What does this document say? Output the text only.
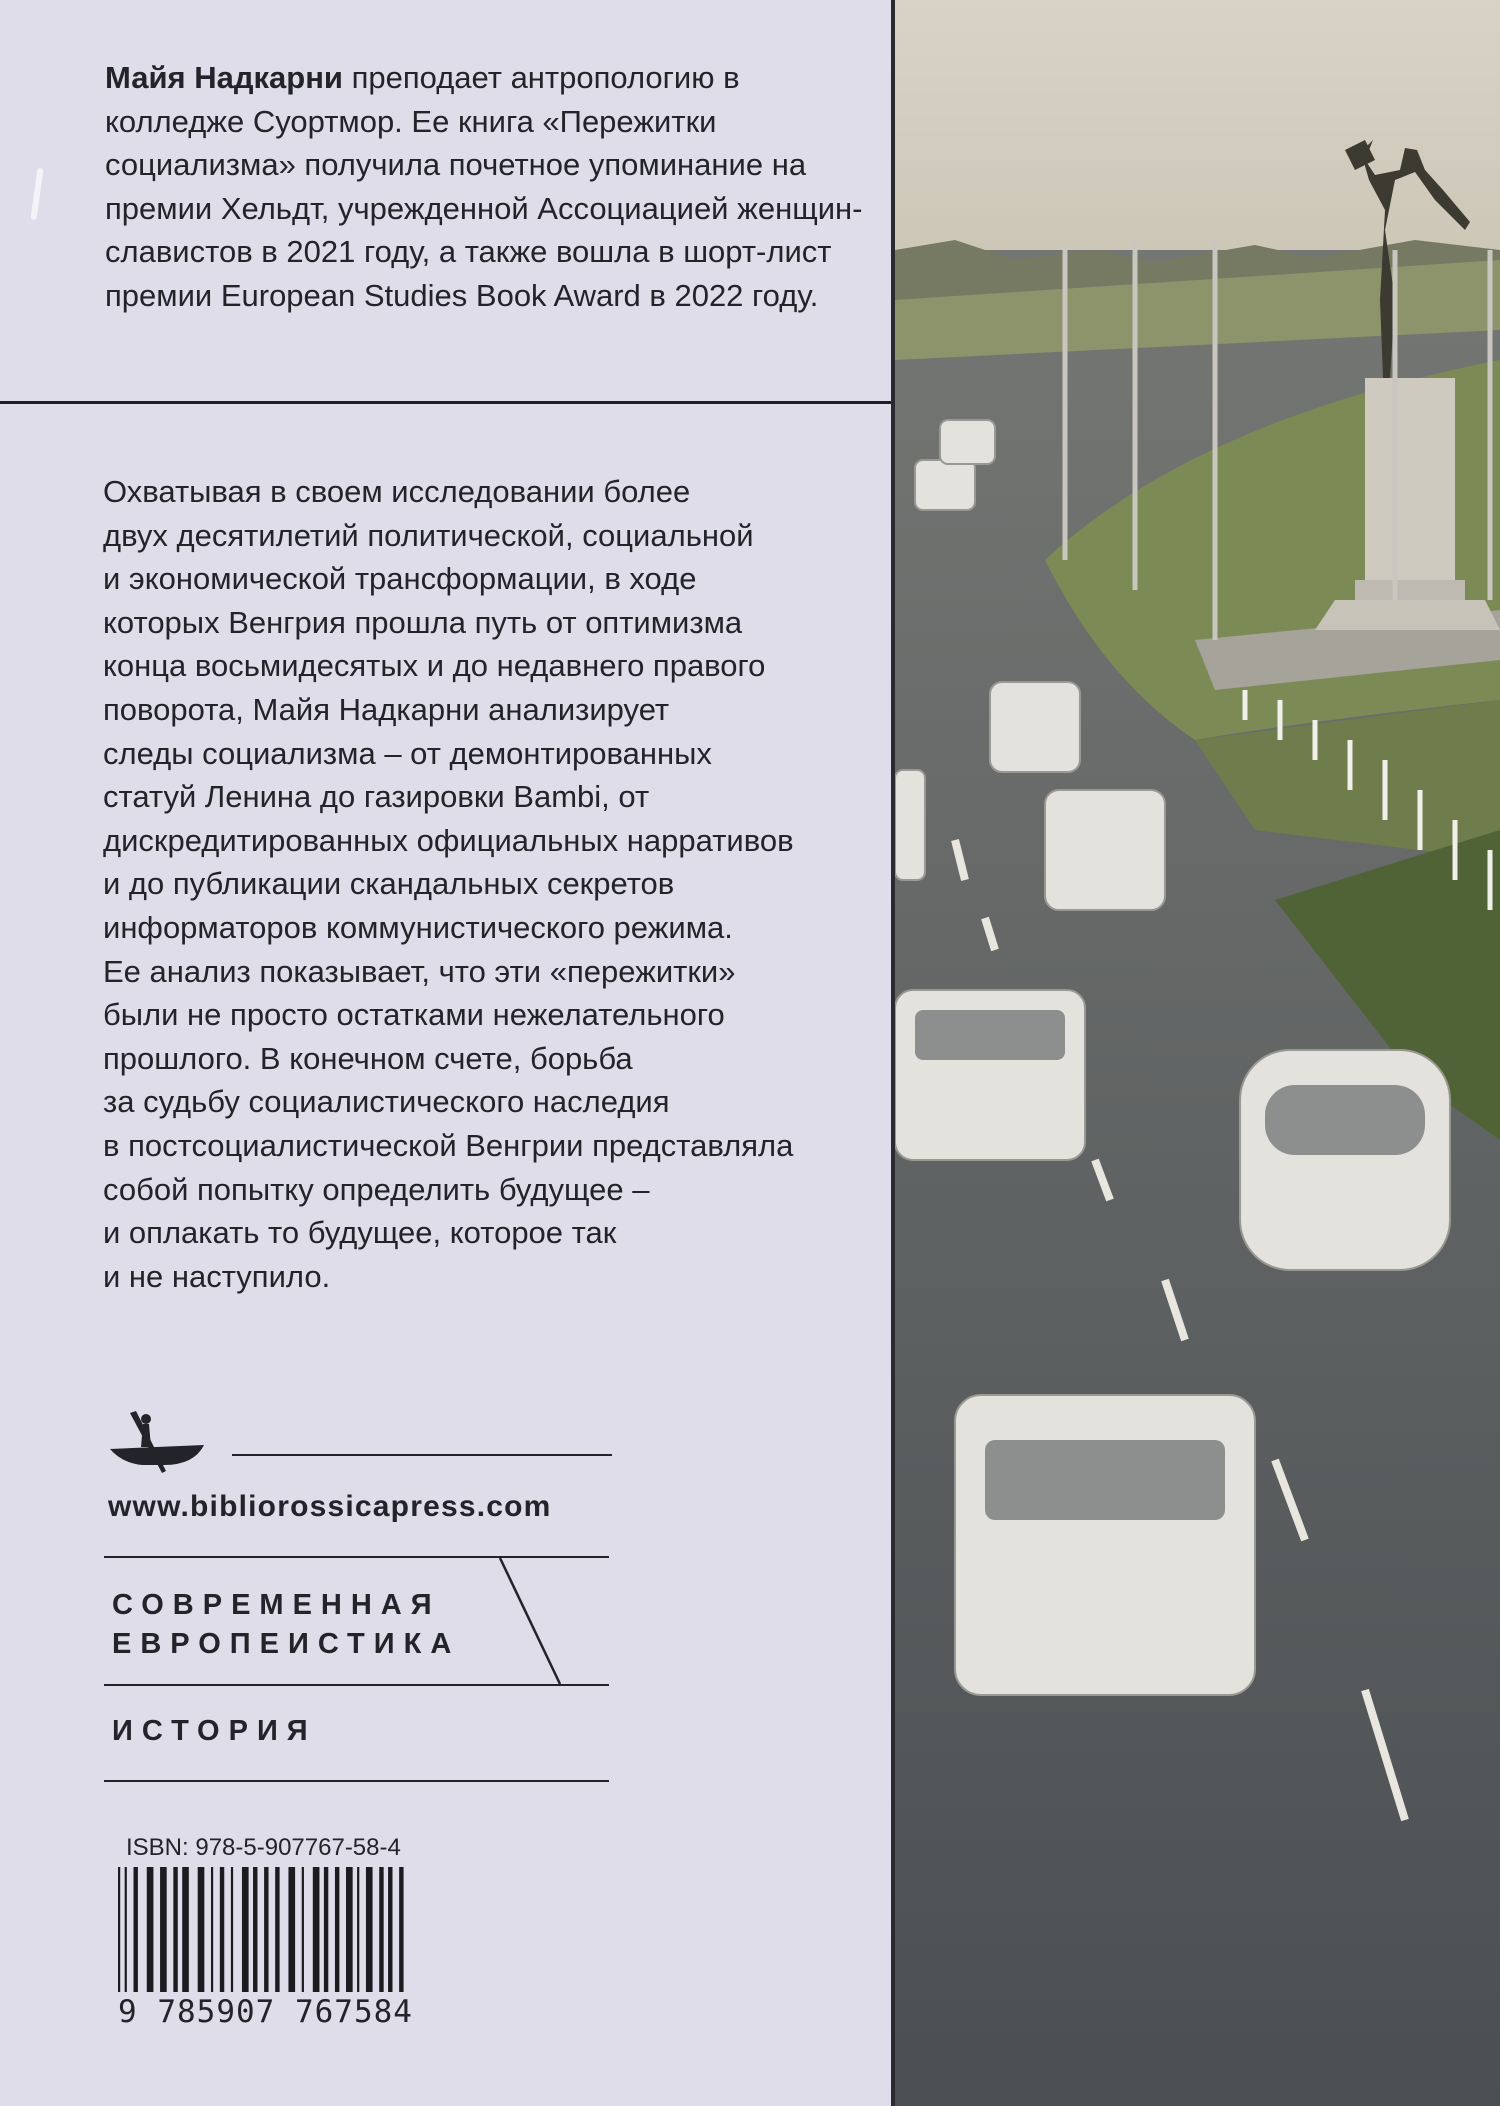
Майя Надкарни преподает антропологию в колледже Суортмор. Ее книга «Пережитки социализма» получила почетное упоминание на премии Хельдт, учрежденной Ассоциацией женщин-славистов в 2021 году, а также вошла в шорт-лист премии European Studies Book Award в 2022 году.
Охватывая в своем исследовании более
двух десятилетий политической, социальной
и экономической трансформации, в ходе
которых Венгрия прошла путь от оптимизма
конца восьмидесятых и до недавнего правого
поворота, Майя Надкарни анализирует
следы социализма – от демонтированных
статуй Ленина до газировки Bambi, от
дискредитированных официальных нарративов
и до публикации скандальных секретов
информаторов коммунистического режима.
Ее анализ показывает, что эти «пережитки»
были не просто остатками нежелательного
прошлого. В конечном счете, борьба
за судьбу социалистического наследия
в постсоциалистической Венгрии представляла
собой попытку определить будущее –
и оплакать то будущее, которое так
и не наступило.
www.bibliorossicapress.com
СОВРЕМЕННАЯ
ЕВРОПЕИСТИКА
ИСТОРИЯ
ISBN: 978-5-907767-58-4
9 785907 767584
